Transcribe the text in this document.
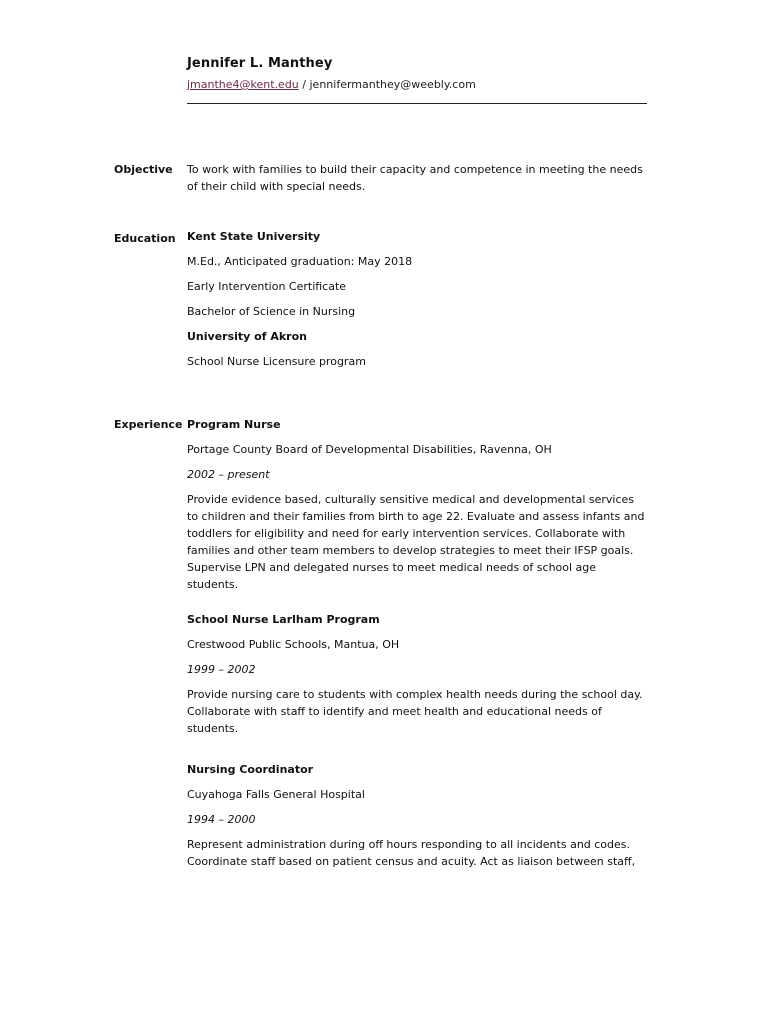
Jennifer L. Manthey
jmanthe4@kent.edu / jennifermanthey@weebly.com
Objective To work with families to build their capacity and competence in meeting the needs

of their child with special needs.

Education Kent State University

M.Ed., Anticipated graduation: May 2018

Early Intervention Certificate

Bachelor of Science in Nursing

University of Akron

School Nurse Licensure program

Experience Program Nurse

Portage County Board of Developmental Disabilities, Ravenna, OH

2002 – present

Provide evidence based, culturally sensitive medical and developmental services

to children and their families from birth to age 22. Evaluate and assess infants and

toddlers for eligibility and need for early intervention services. Collaborate with

families and other team members to develop strategies to meet their IFSP goals.

Supervise LPN and delegated nurses to meet medical needs of school age

students.

School Nurse Larlham Program

Crestwood Public Schools, Mantua, OH

1999 – 2002

Provide nursing care to students with complex health needs during the school day.

Collaborate with staff to identify and meet health and educational needs of

students.

Nursing Coordinator

Cuyahoga Falls General Hospital

1994 – 2000

Represent administration during off hours responding to all incidents and codes.

Coordinate staff based on patient census and acuity. Act as liaison between staff,
